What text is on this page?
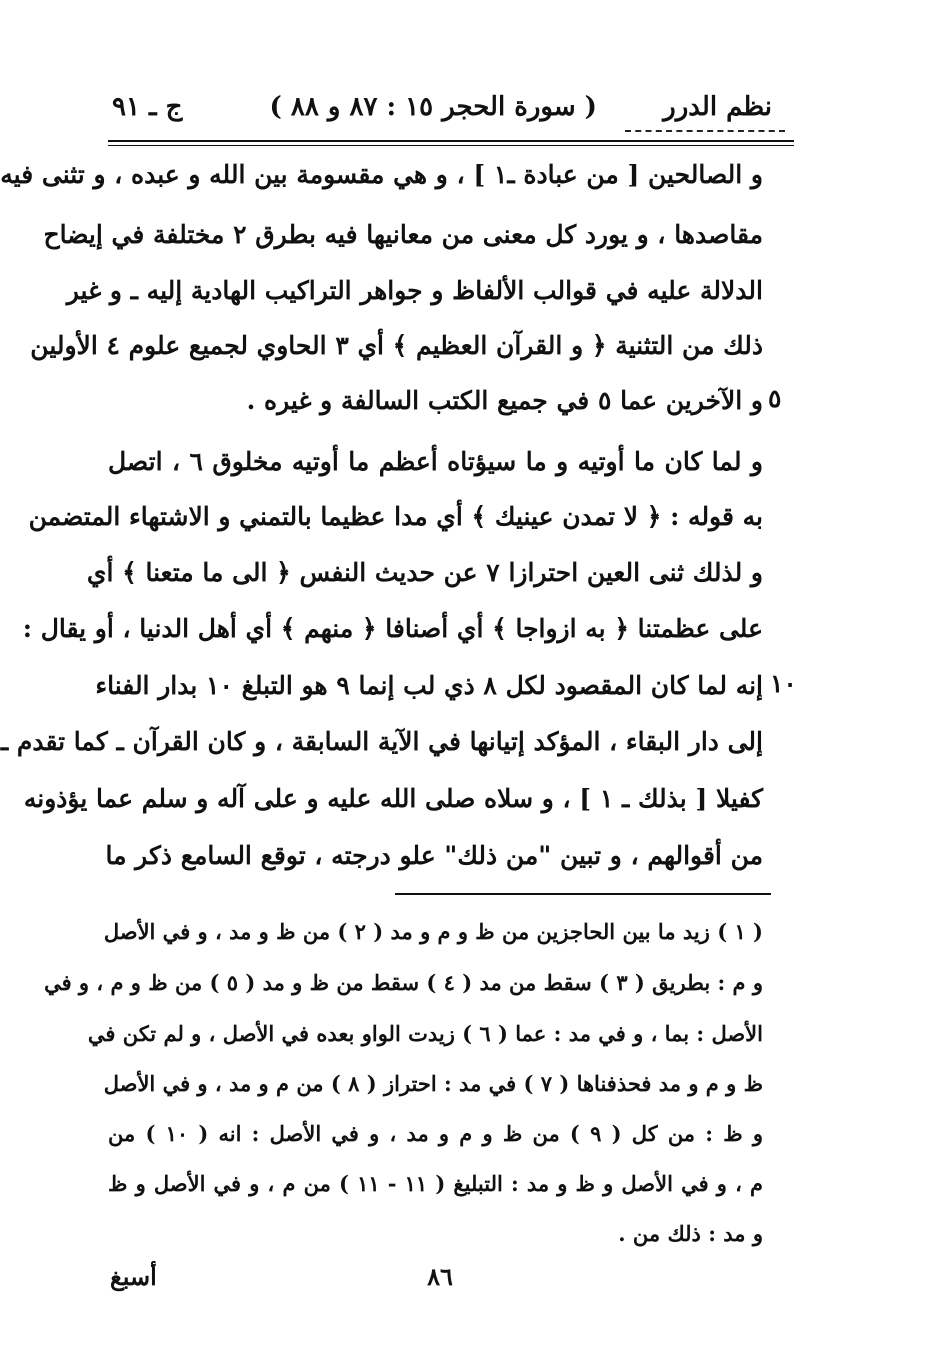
نظم الدرر
( سورة الحجر ١٥ : ٨٧ و ٨٨ )
ج ـ ٩١
و الصالحين [ من عبادة ـ١ ] ، و هي مقسومة بين الله و عبده ، و تثنى فيه
مقاصدها ، و يورد كل معنى من معانيها فيه بطرق ٢ مختلفة في إيضاح
الدلالة عليه في قوالب الألفاظ و جواهر التراكيب الهادية إليه ـ و غير
ذلك من التثنية ﴿ و القرآن العظيم ﴾ أي ٣ الحاوي لجميع علوم ٤ الأولين
و الآخرين عما ٥ في جميع الكتب السالفة و غيره .
و لما كان ما أوتيه و ما سيؤتاه أعظم ما أوتيه مخلوق ٦ ، اتصل
به قوله : ﴿ لا تمدن عينيك ﴾ أي مدا عظيما بالتمني و الاشتهاء المتضمن
و لذلك ثنى العين احترازا ٧ عن حديث النفس ﴿ الى ما متعنا ﴾ أي
على عظمتنا ﴿ به ازواجا ﴾ أي أصنافا ﴿ منهم ﴾ أي أهل الدنيا ، أو يقال :
إنه لما كان المقصود لكل ٨ ذي لب إنما ٩ هو التبلغ ١٠ بدار الفناء
إلى دار البقاء ، المؤكد إتيانها في الآية السابقة ، و كان القرآن ـ كما تقدم ـ
كفيلا [ بذلك ـ ١ ] ، و سلاه صلى الله عليه و على آله و سلم عما يؤذونه
من أقوالهم ، و تبين "من ذلك" علو درجته ، توقع السامع ذكر ما
٥
١٠
( ١ ) زيد ما بين الحاجزين من ظ و م و مد ( ٢ ) من ظ و مد ، و في الأصل
و م : بطريق ( ٣ ) سقط من مد ( ٤ ) سقط من ظ و مد ( ٥ ) من ظ و م ، و في
الأصل : بما ، و في مد : عما ( ٦ ) زيدت الواو بعده في الأصل ، و لم تكن في
ظ و م و مد فحذفناها ( ٧ ) في مد : احتراز ( ٨ ) من م و مد ، و في الأصل
و ظ : من كل ( ٩ ) من ظ و م و مد ، و في الأصل : انه ( ١٠ ) من
م ، و في الأصل و ظ و مد : التبليغ ( ١١ - ١١ ) من م ، و في الأصل و ظ
و مد : ذلك من .
٨٦
أسبغ
